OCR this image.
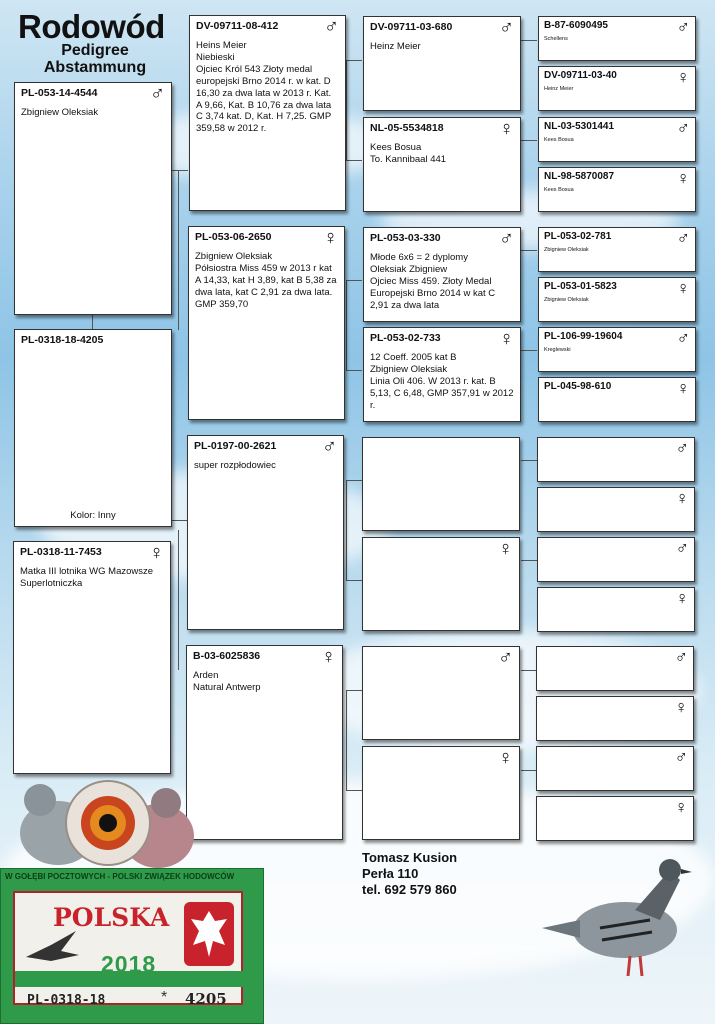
Rodowód
Pedigree
Abstammung
PL-053-14-4544	♂
Zbigniew Oleksiak
PL-0318-18-4205
Kolor: Inny
PL-0318-11-7453	♀
Matka III lotnika WG Mazowsze
Superlotniczka
DV-09711-08-412	♂
Heins Meier
Niebieski
Ojciec Król 543 Złoty medal europejski Brno 2014 r. w kat. D 16,30 za dwa lata w 2013 r. Kat. A 9,66, Kat. B 10,76 za dwa lata C 3,74 kat. D, Kat. H 7,25. GMP 359,58 w 2012 r.
PL-053-06-2650	♀
Zbigniew Oleksiak
Półsiostra Miss 459 w 2013 r kat A 14,33, kat H 3,89, kat B 5,38 za dwa lata, kat C 2,91 za dwa lata. GMP 359,70
PL-0197-00-2621	♂
super rozpłodowiec
B-03-6025836	♀
Arden
Natural Antwerp
DV-09711-03-680	♂
Heinz Meier
NL-05-5534818	♀
Kees Bosua
To. Kannibaal 441
PL-053-03-330	♂
Młode 6x6 = 2 dyplomy
Oleksiak Zbigniew
Ojciec Miss 459. Złoty Medal Europejski Brno 2014 w kat C 2,91 za dwa lata
PL-053-02-733	♀
12 Coeff. 2005 kat B
Zbigniew Oleksiak
Linia Oli 406. W 2013 r. kat. B 5,13, C 6,48, GMP 357,91 w 2012 r.
♀
♂
♀
B-87-6090495	♂
Schellens
DV-09711-03-40	♀
Heinz Meier
NL-03-5301441	♂
Kees Bosua
NL-98-5870087	♀
Kees Bosua
PL-053-02-781	♂
Zbigniew Oleksiak
PL-053-01-5823	♀
Zbigniew Oleksiak
PL-106-99-19604	♂
Kreglewski
PL-045-98-610	♀
♂
♀
♂
♀
♂
♀
♂
♀
Tomasz Kusion
Perła 110
tel. 692 579 860
W GOŁĘBI POCZTOWYCH - POLSKI ZWIĄZEK HODOWCÓW
POLSKA
2018
PL-0318-18	* 4205
